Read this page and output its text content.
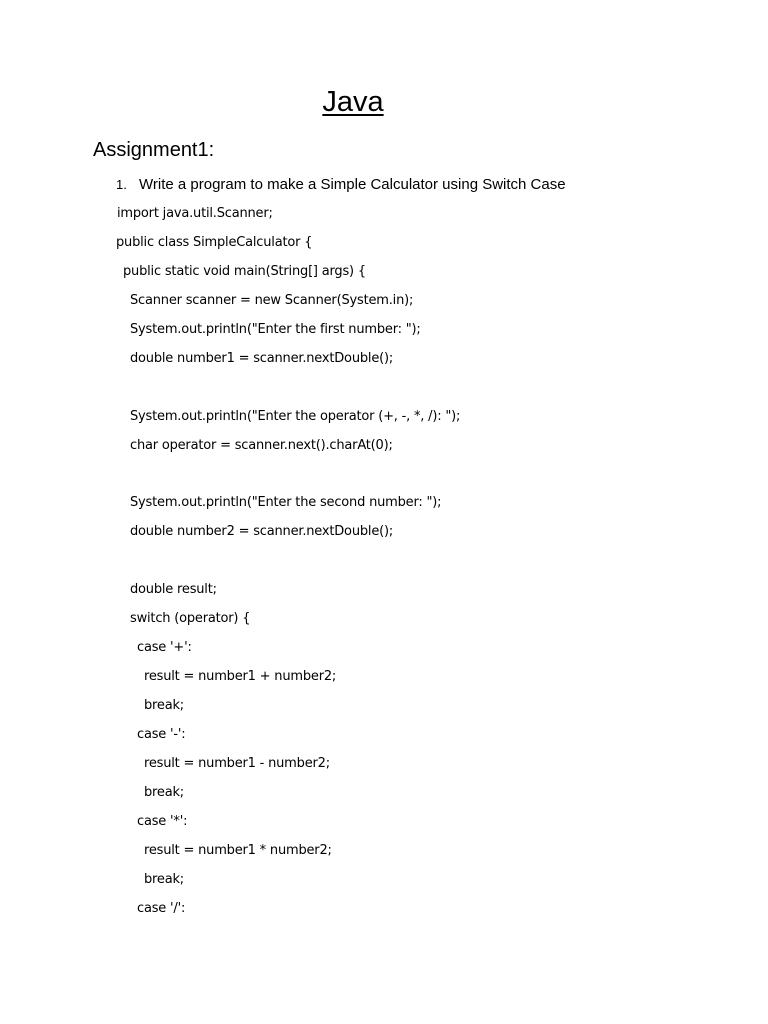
Java
Assignment1:

1. Write a program to make a Simple Calculator using Switch Case

import java.util.Scanner;
public class SimpleCalculator {
public static void main(String[] args) {
Scanner scanner = new Scanner(System.in);
System.out.println("Enter the first number: ");
double number1 = scanner.nextDouble();
System.out.println("Enter the operator (+, -, *, /): ");
char operator = scanner.next().charAt(0);
System.out.println("Enter the second number: ");
double number2 = scanner.nextDouble();
double result;
switch (operator) {
case '+':
result = number1 + number2;
break;
case '-':
result = number1 - number2;
break;
case '*':
result = number1 * number2;
break;
case '/':
